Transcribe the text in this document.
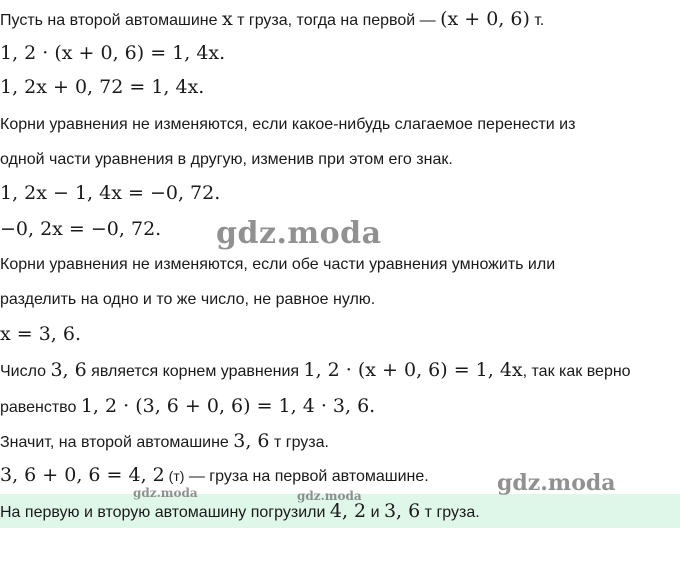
Пусть на второй автомашине x т груза, тогда на первой — (x + 0, 6) т.
1, 2 · (x + 0, 6) = 1, 4x.
1, 2x + 0, 72 = 1, 4x.
Корни уравнения не изменяются, если какое-нибудь слагаемое перенести из
одной части уравнения в другую, изменив при этом его знак.
1, 2x − 1, 4x = −0, 72.
−0, 2x = −0, 72.
Корни уравнения не изменяются, если обе части уравнения умножить или
разделить на одно и то же число, не равное нулю.
x = 3, 6.
Число 3, 6 является корнем уравнения 1, 2 · (x + 0, 6) = 1, 4x, так как верно
равенство 1, 2 · (3, 6 + 0, 6) = 1, 4 · 3, 6.
Значит, на второй автомашине 3, 6 т груза.
3, 6 + 0, 6 = 4, 2 (т) — груза на первой автомашине.
На первую и вторую автомашину погрузили 4, 2 и 3, 6 т груза.
gdz.moda
gdz.moda
gdz.moda	gdz.moda
